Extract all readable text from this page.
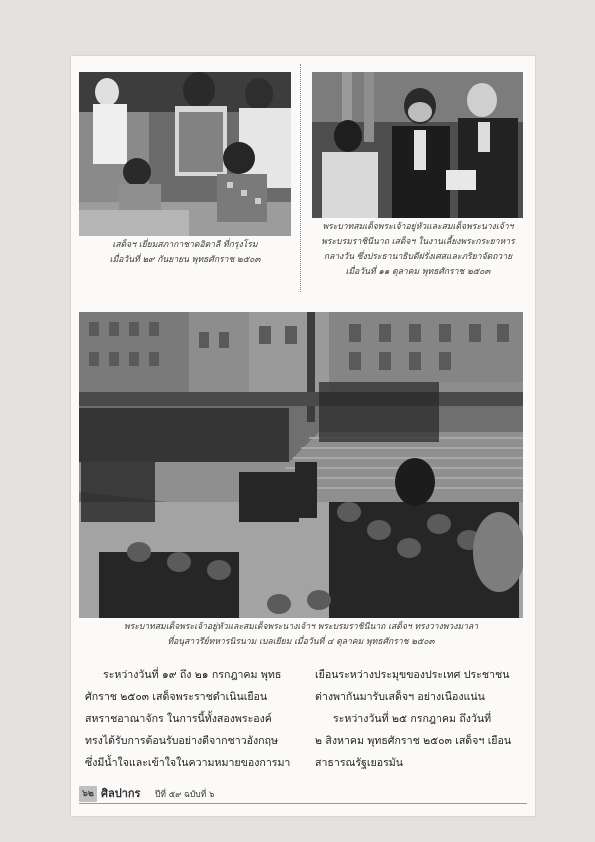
เสด็จฯ เยี่ยมสภากาชาดอิตาลี ที่กรุงโรม
เมื่อวันที่ ๒๙ กันยายน พุทธศักราช ๒๕๐๓
พระบาทสมเด็จพระเจ้าอยู่หัวและสมเด็จพระนางเจ้าฯ
พระบรมราชินีนาถ เสด็จฯ ในงานเลี้ยงพระกระยาหาร
กลางวัน ซึ่งประธานาธิบดีฝรั่งเศสและภริยาจัดถวาย
เมื่อวันที่ ๑๑ ตุลาคม พุทธศักราช ๒๕๐๓
พระบาทสมเด็จพระเจ้าอยู่หัวและสมเด็จพระนางเจ้าฯ พระบรมราชินีนาถ เสด็จฯ ทรงวางพวงมาลา
ที่อนุสาวรีย์ทหารนิรนาม เบลเยียม เมื่อวันที่ ๔ ตุลาคม พุทธศักราช ๒๕๐๓
ระหว่างวันที่ ๑๙ ถึง ๒๑ กรกฎาคม พุทธ
ศักราช ๒๕๐๓ เสด็จพระราชดำเนินเยือน
สหราชอาณาจักร ในการนี้ทั้งสองพระองค์
ทรงได้รับการต้อนรับอย่างดีจากชาวอังกฤษ
ซึ่งมีน้ำใจและเข้าใจในความหมายของการมา
เยือนระหว่างประมุขของประเทศ ประชาชน
ต่างพากันมารับเสด็จฯ อย่างเนืองแน่น
ระหว่างวันที่ ๒๕ กรกฎาคม ถึงวันที่
๒ สิงหาคม พุทธศักราช ๒๕๐๓ เสด็จฯ เยือน
สาธารณรัฐเยอรมัน
๖๒ ศิลปากร ปีที่ ๕๙ ฉบับที่ ๖
